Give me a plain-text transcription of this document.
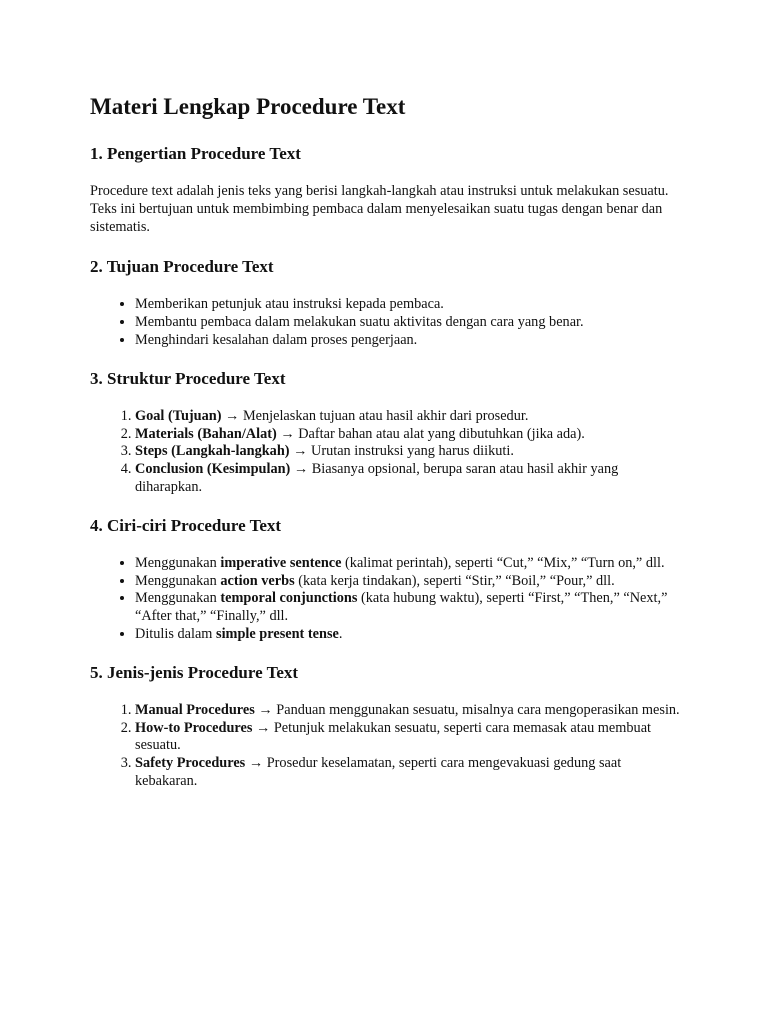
Materi Lengkap Procedure Text
1. Pengertian Procedure Text

Procedure text adalah jenis teks yang berisi langkah-langkah atau instruksi untuk melakukan sesuatu. Teks ini bertujuan untuk membimbing pembaca dalam menyelesaikan suatu tugas dengan benar dan sistematis.

2. Tujuan Procedure Text
• Memberikan petunjuk atau instruksi kepada pembaca.
• Membantu pembaca dalam melakukan suatu aktivitas dengan cara yang benar.
• Menghindari kesalahan dalam proses pengerjaan.
3. Struktur Procedure Text
1. Goal (Tujuan) → Menjelaskan tujuan atau hasil akhir dari prosedur.
2. Materials (Bahan/Alat) → Daftar bahan atau alat yang dibutuhkan (jika ada).
3. Steps (Langkah-langkah) → Urutan instruksi yang harus diikuti.
4. Conclusion (Kesimpulan) → Biasanya opsional, berupa saran atau hasil akhir yang diharapkan.
4. Ciri-ciri Procedure Text
• Menggunakan imperative sentence (kalimat perintah), seperti “Cut,” “Mix,” “Turn on,” dll.
• Menggunakan action verbs (kata kerja tindakan), seperti “Stir,” “Boil,” “Pour,” dll.
• Menggunakan temporal conjunctions (kata hubung waktu), seperti “First,” “Then,” “Next,” “After that,” “Finally,” dll.
• Ditulis dalam simple present tense.
5. Jenis-jenis Procedure Text
1. Manual Procedures → Panduan menggunakan sesuatu, misalnya cara mengoperasikan mesin.
2. How-to Procedures → Petunjuk melakukan sesuatu, seperti cara memasak atau membuat sesuatu.
3. Safety Procedures → Prosedur keselamatan, seperti cara mengevakuasi gedung saat kebakaran.
